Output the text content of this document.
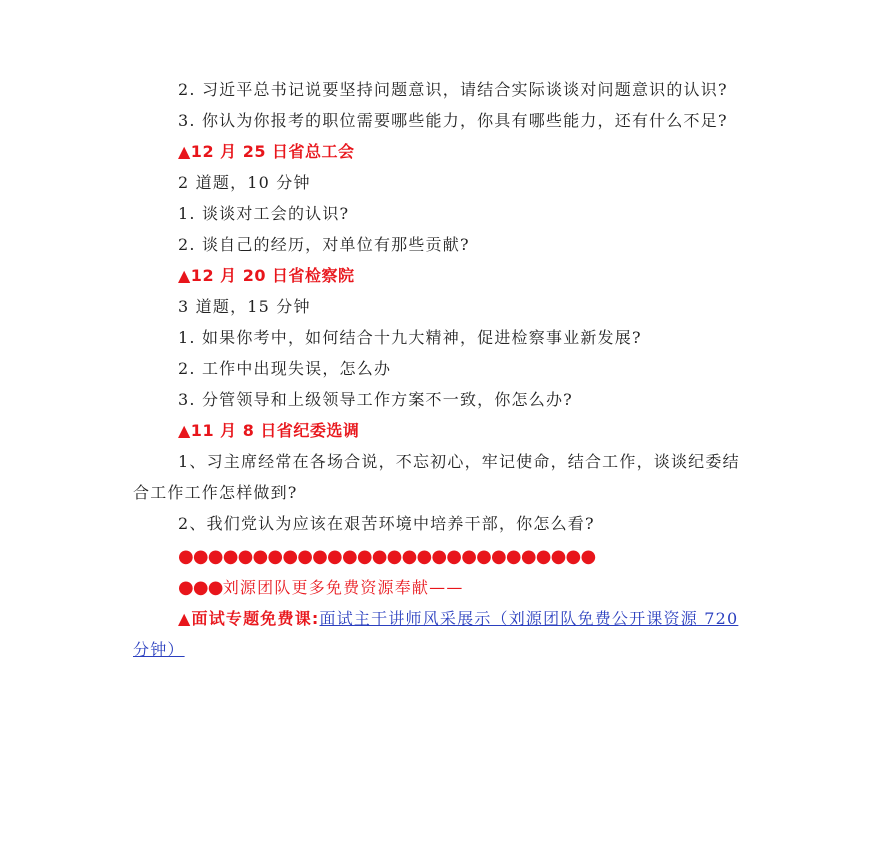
2. 习近平总书记说要坚持问题意识，请结合实际谈谈对问题意识的认识?

3. 你认为你报考的职位需要哪些能力，你具有哪些能力，还有什么不足?

▲12 月 25 日省总工会

2 道题，10 分钟

1. 谈谈对工会的认识?

2. 谈自己的经历，对单位有那些贡献?

▲12 月 20 日省检察院

3 道题，15 分钟

1. 如果你考中，如何结合十九大精神，促进检察事业新发展?

2. 工作中出现失误，怎么办

3. 分管领导和上级领导工作方案不一致，你怎么办?

▲11 月 8 日省纪委选调

1、习主席经常在各场合说，不忘初心，牢记使命，结合工作，谈谈纪委结合工作工作怎样做到?

2、我们党认为应该在艰苦环境中培养干部，你怎么看?

●●●●●●●●●●●●●●●●●●●●●●●●●●●●

●●●刘源团队更多免费资源奉献——

▲面试专题免费课:面试主干讲师风采展示（刘源团队免费公开课资源 720 分钟）
